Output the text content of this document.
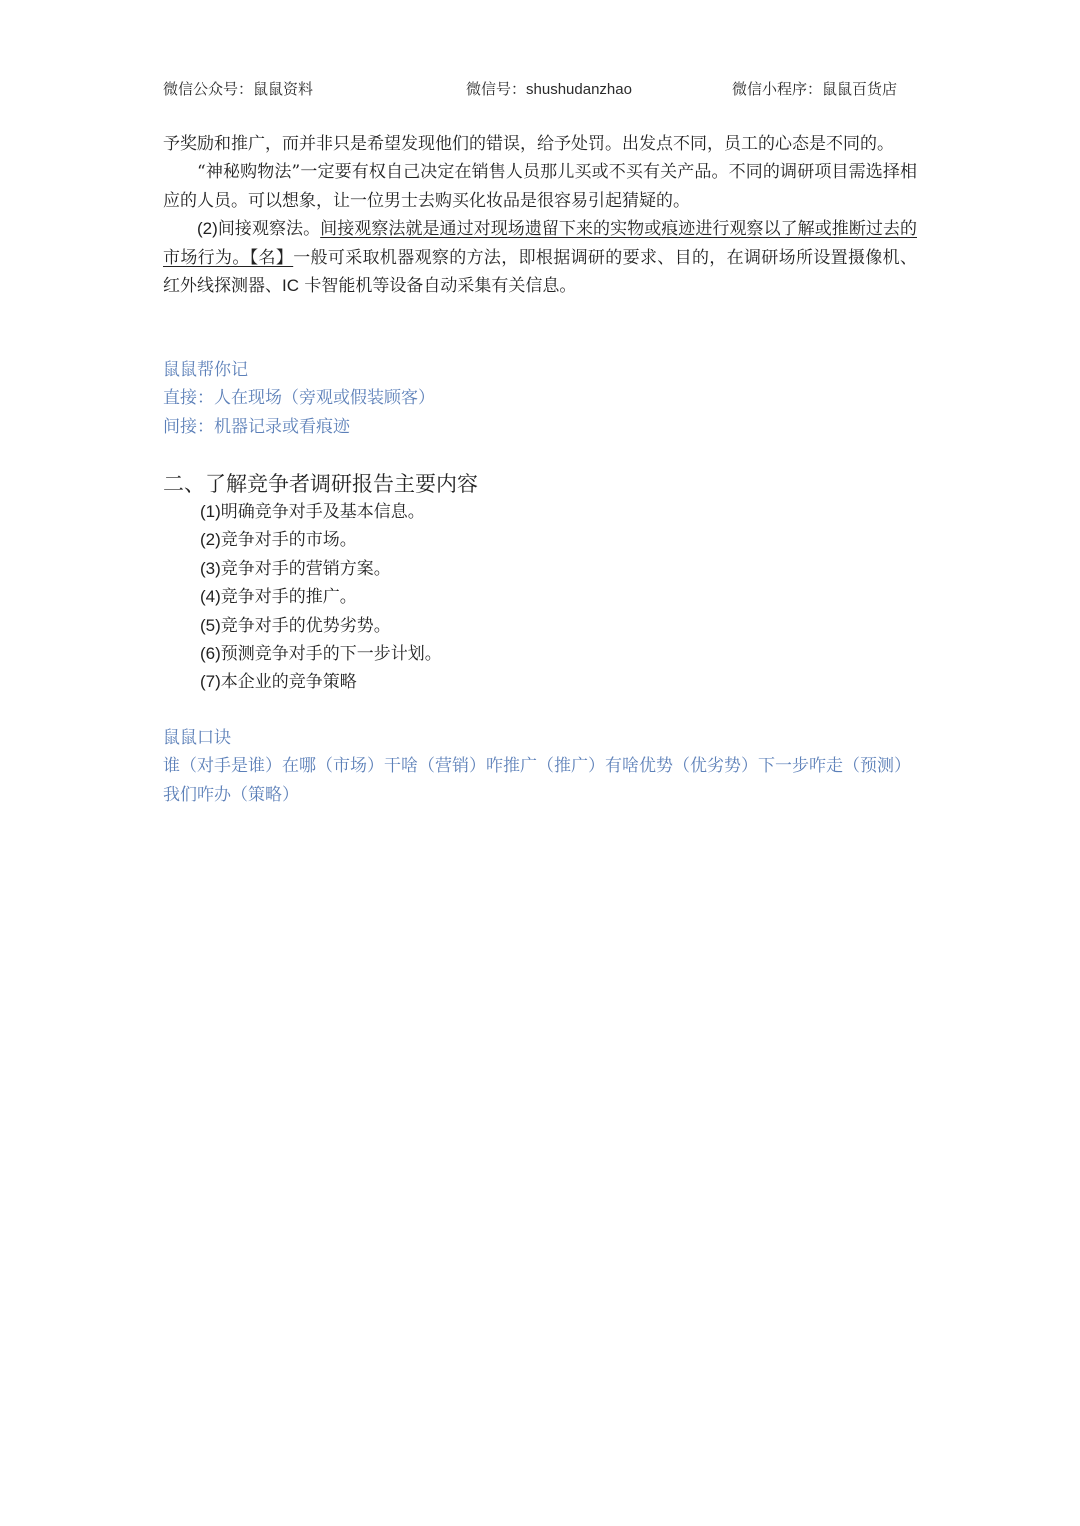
微信公众号：鼠鼠资料	微信号：shushudanzhao	微信小程序：鼠鼠百货店

予奖励和推广，而并非只是希望发现他们的错误，给予处罚。出发点不同，员工的心态是不同的。

“神秘购物法”一定要有权自己决定在销售人员那儿买或不买有关产品。不同的调研项目需选择相应的人员。可以想象，让一位男士去购买化妆品是很容易引起猜疑的。

(2)间接观察法。间接观察法就是通过对现场遗留下来的实物或痕迹进行观察以了解或推断过去的市场行为。【名】一般可采取机器观察的方法，即根据调研的要求、目的，在调研场所设置摄像机、红外线探测器、IC 卡智能机等设备自动采集有关信息。

鼠鼠帮你记

直接：人在现场（旁观或假装顾客）

间接：机器记录或看痕迹

二、了解竞争者调研报告主要内容

(1)明确竞争对手及基本信息。

(2)竞争对手的市场。

(3)竞争对手的营销方案。

(4)竞争对手的推广。

(5)竞争对手的优势劣势。

(6)预测竞争对手的下一步计划。

(7)本企业的竞争策略

鼠鼠口诀

谁（对手是谁）在哪（市场）干啥（营销）咋推广（推广）有啥优势（优劣势）下一步咋走（预测）我们咋办（策略）
